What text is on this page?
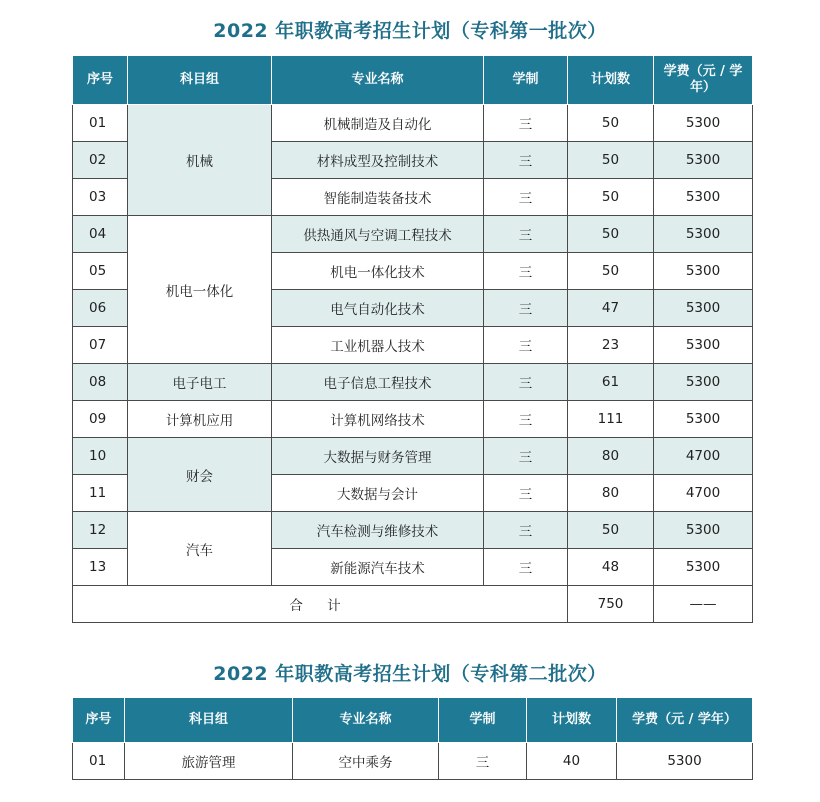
2022 年职教高考招生计划（专科第一批次）
序号	科目组	专业名称	学制	计划数	学费（元 / 学年）
01	机械	机械制造及自动化	三	50	5300
02		材料成型及控制技术	三	50	5300
03		智能制造装备技术	三	50	5300
04	机电一体化	供热通风与空调工程技术	三	50	5300
05		机电一体化技术	三	50	5300
06		电气自动化技术	三	47	5300
07		工业机器人技术	三	23	5300
08	电子电工	电子信息工程技术	三	61	5300
09	计算机应用	计算机网络技术	三	111	5300
10	财会	大数据与财务管理	三	80	4700
11		大数据与会计	三	80	4700
12	汽车	汽车检测与维修技术	三	50	5300
13		新能源汽车技术	三	48	5300
合 计				750	——
2022 年职教高考招生计划（专科第二批次）
序号	科目组	专业名称	学制	计划数	学费（元 / 学年）
01	旅游管理	空中乘务	三	40	5300
